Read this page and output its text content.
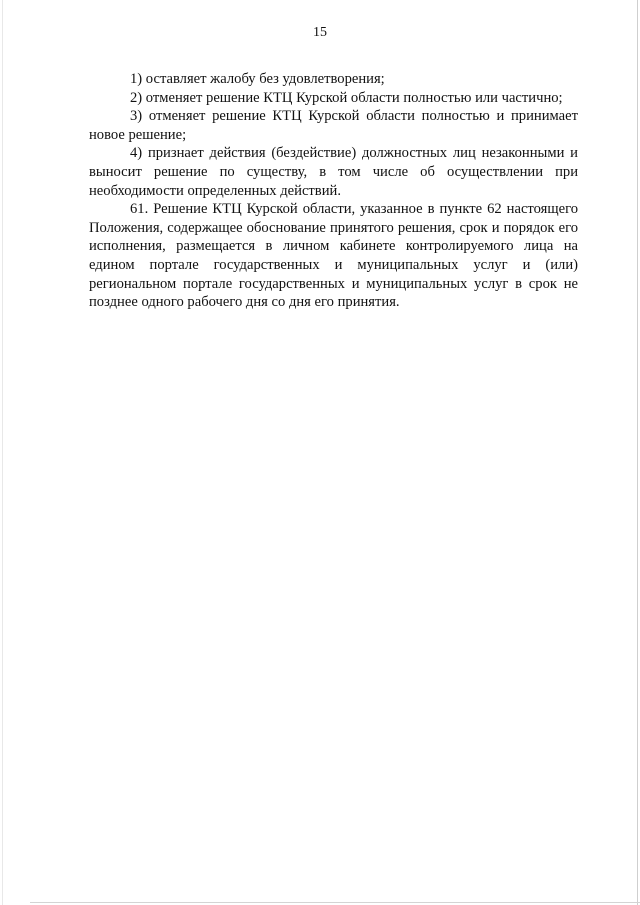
15

1) оставляет жалобу без удовлетворения;

2) отменяет решение КТЦ Курской области полностью или частично;

3) отменяет решение КТЦ Курской области полностью и принимает новое решение;

4) признает действия (бездействие) должностных лиц незаконными и выносит решение по существу, в том числе об осуществлении при необходимости определенных действий.

61. Решение КТЦ Курской области, указанное в пункте 62 настоящего Положения, содержащее обоснование принятого решения, срок и порядок его исполнения, размещается в личном кабинете контролируемого лица на едином портале государственных и муниципальных услуг и (или) региональном портале государственных и муниципальных услуг в срок не позднее одного рабочего дня со дня его принятия.
